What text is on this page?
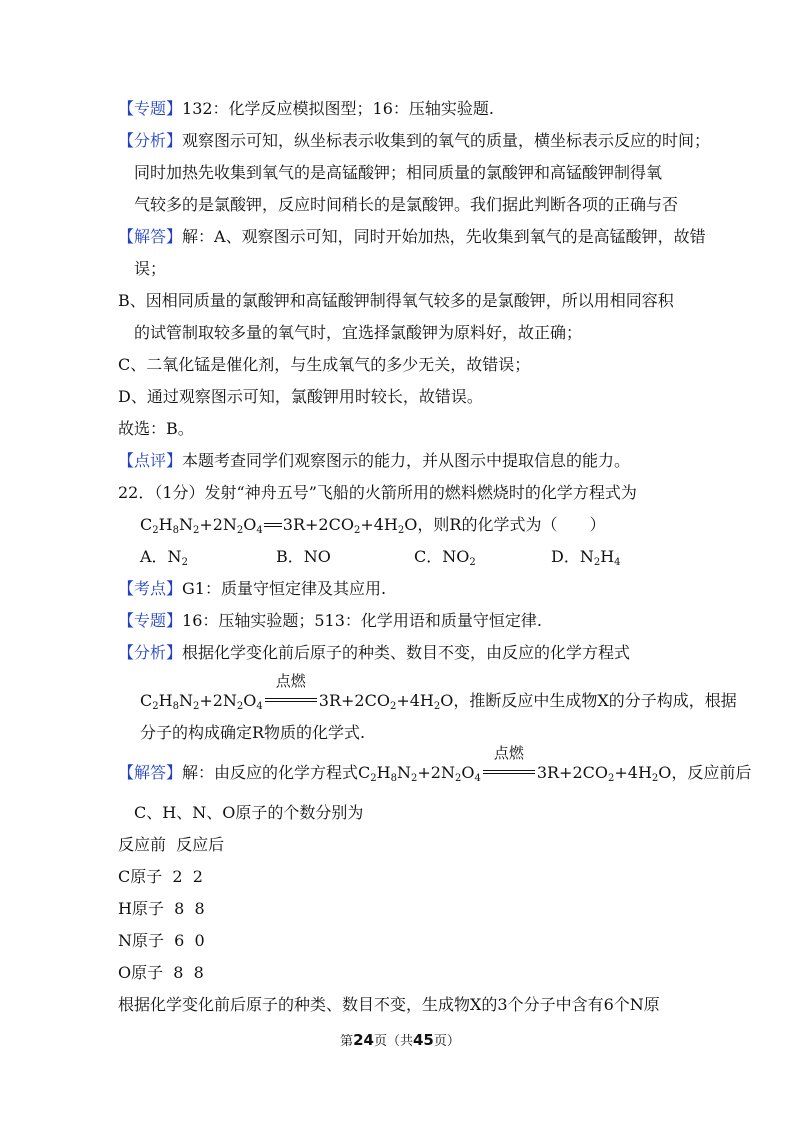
【专题】132：化学反应模拟图型；16：压轴实验题.
【分析】观察图示可知，纵坐标表示收集到的氧气的质量，横坐标表示反应的时间；
同时加热先收集到氧气的是高锰酸钾；相同质量的氯酸钾和高锰酸钾制得氧
气较多的是氯酸钾，反应时间稍长的是氯酸钾。我们据此判断各项的正确与否
【解答】解：A、观察图示可知，同时开始加热，先收集到氧气的是高锰酸钾，故错
误；
B、因相同质量的氯酸钾和高锰酸钾制得氧气较多的是氯酸钾，所以用相同容积
的试管制取较多量的氧气时，宜选择氯酸钾为原料好，故正确；
C、二氧化锰是催化剂，与生成氧气的多少无关，故错误；
D、通过观察图示可知，氯酸钾用时较长，故错误。
故选：B。
【点评】本题考查同学们观察图示的能力，并从图示中提取信息的能力。
22．（1分）发射“神舟五号”飞船的火箭所用的燃料燃烧时的化学方程式为
$C_2H_8N_2+2N_2O_4$ $3R+2CO_2+4H_2O$，则R的化学式为（　　）
A．$N_2$	B．NO	C．$NO_2$	D．$N_2H_4$
【考点】G1：质量守恒定律及其应用.
【专题】16：压轴实验题；513：化学用语和质量守恒定律.
【分析】根据化学变化前后原子的种类、数目不变，由反应的化学方程式
$C_2H_8N_2+2N_2O_4$
点燃
$3R+2CO_2+4H_2O$，推断反应中生成物X的分子构成，根据
分子的构成确定R物质的化学式.
【解答】解：由反应的化学方程式$C_2H_8N_2+2N_2O_4$
点燃
$3R+2CO_2+4H_2O$，反应前后
C、H、N、O原子的个数分别为
反应前  反应后
C原子  2  2
H原子  8  8
N原子  6  0
O原子  8  8
根据化学变化前后原子的种类、数目不变，生成物X的3个分子中含有6个N原
第24页（共45页）
